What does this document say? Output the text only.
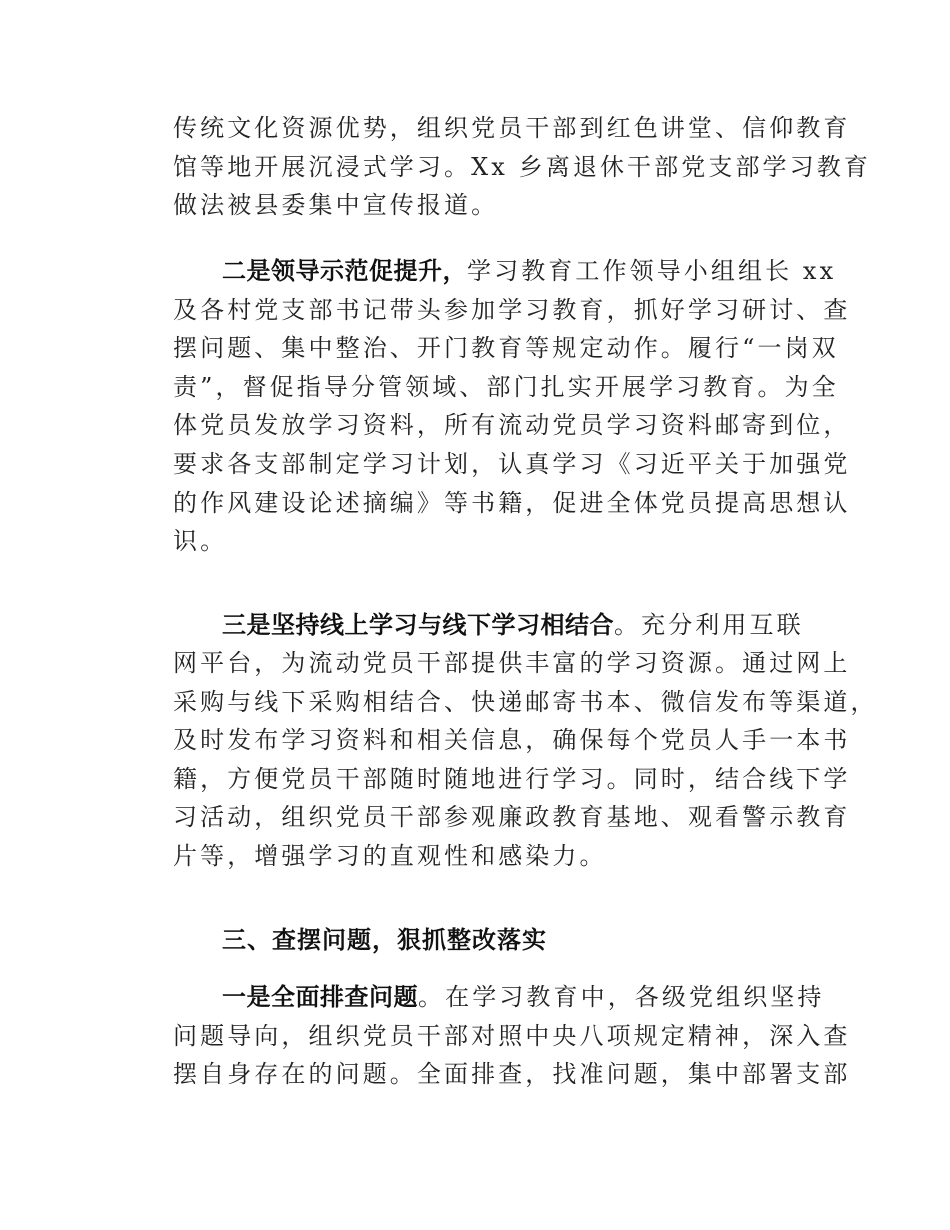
传统文化资源优势，组织党员干部到红色讲堂、信仰教育
馆等地开展沉浸式学习。Xx 乡离退休干部党支部学习教育
做法被县委集中宣传报道。
二是领导示范促提升，学习教育工作领导小组组长 xx
及各村党支部书记带头参加学习教育，抓好学习研讨、查
摆问题、集中整治、开门教育等规定动作。履行“一岗双
责”，督促指导分管领域、部门扎实开展学习教育。为全
体党员发放学习资料，所有流动党员学习资料邮寄到位，
要求各支部制定学习计划，认真学习《习近平关于加强党
的作风建设论述摘编》等书籍，促进全体党员提高思想认
识。
三是坚持线上学习与线下学习相结合。充分利用互联
网平台，为流动党员干部提供丰富的学习资源。通过网上
采购与线下采购相结合、快递邮寄书本、微信发布等渠道，
及时发布学习资料和相关信息，确保每个党员人手一本书
籍，方便党员干部随时随地进行学习。同时，结合线下学
习活动，组织党员干部参观廉政教育基地、观看警示教育
片等，增强学习的直观性和感染力。
三、查摆问题，狠抓整改落实
一是全面排查问题。在学习教育中，各级党组织坚持
问题导向，组织党员干部对照中央八项规定精神，深入查
摆自身存在的问题。全面排查，找准问题，集中部署支部
